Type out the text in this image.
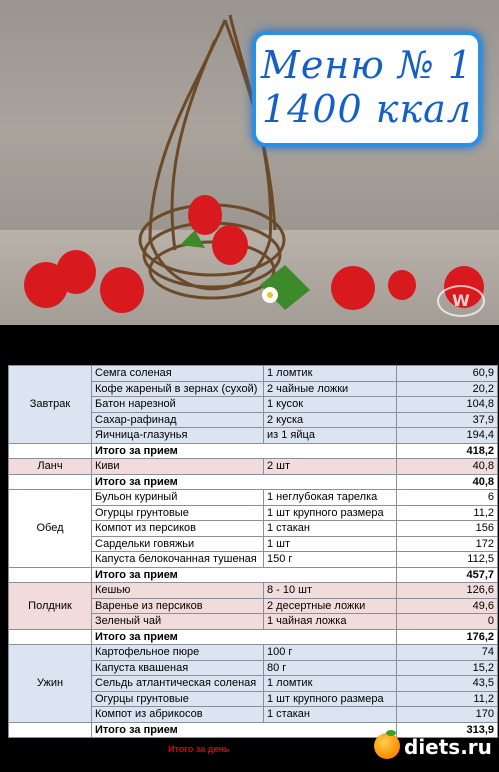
Меню № 1
1400 ккал
W
Завтрак	Семга соленая	1 ломтик	60,9
	Кофе жареный в зернах (сухой)	2 чайные ложки	20,2
	Батон нарезной	1 кусок	104,8
	Сахар-рафинад	2 куска	37,9
	Яичница-глазунья	из 1 яйца	194,4
	Итого за прием		418,2
Ланч	Киви	2 шт	40,8
	Итого за прием		40,8
Обед	Бульон куриный	1 неглубокая тарелка	6
	Огурцы грунтовые	1 шт крупного размера	11,2
	Компот из персиков	1 стакан	156
	Сардельки говяжьи	1 шт	172
	Капуста белокочанная тушеная	150 г	112,5
	Итого за прием		457,7
Полдник	Кешью	8 - 10 шт	126,6
	Варенье из персиков	2 десертные ложки	49,6
	Зеленый чай	1 чайная ложка	0
	Итого за прием		176,2
Ужин	Картофельное пюре	100 г	74
	Капуста квашеная	80 г	15,2
	Сельдь атлантическая соленая	1 ломтик	43,5
	Огурцы грунтовые	1 шт крупного размера	11,2
	Компот из абрикосов	1 стакан	170
	Итого за прием		313,9
Итого за день	diets.ru
